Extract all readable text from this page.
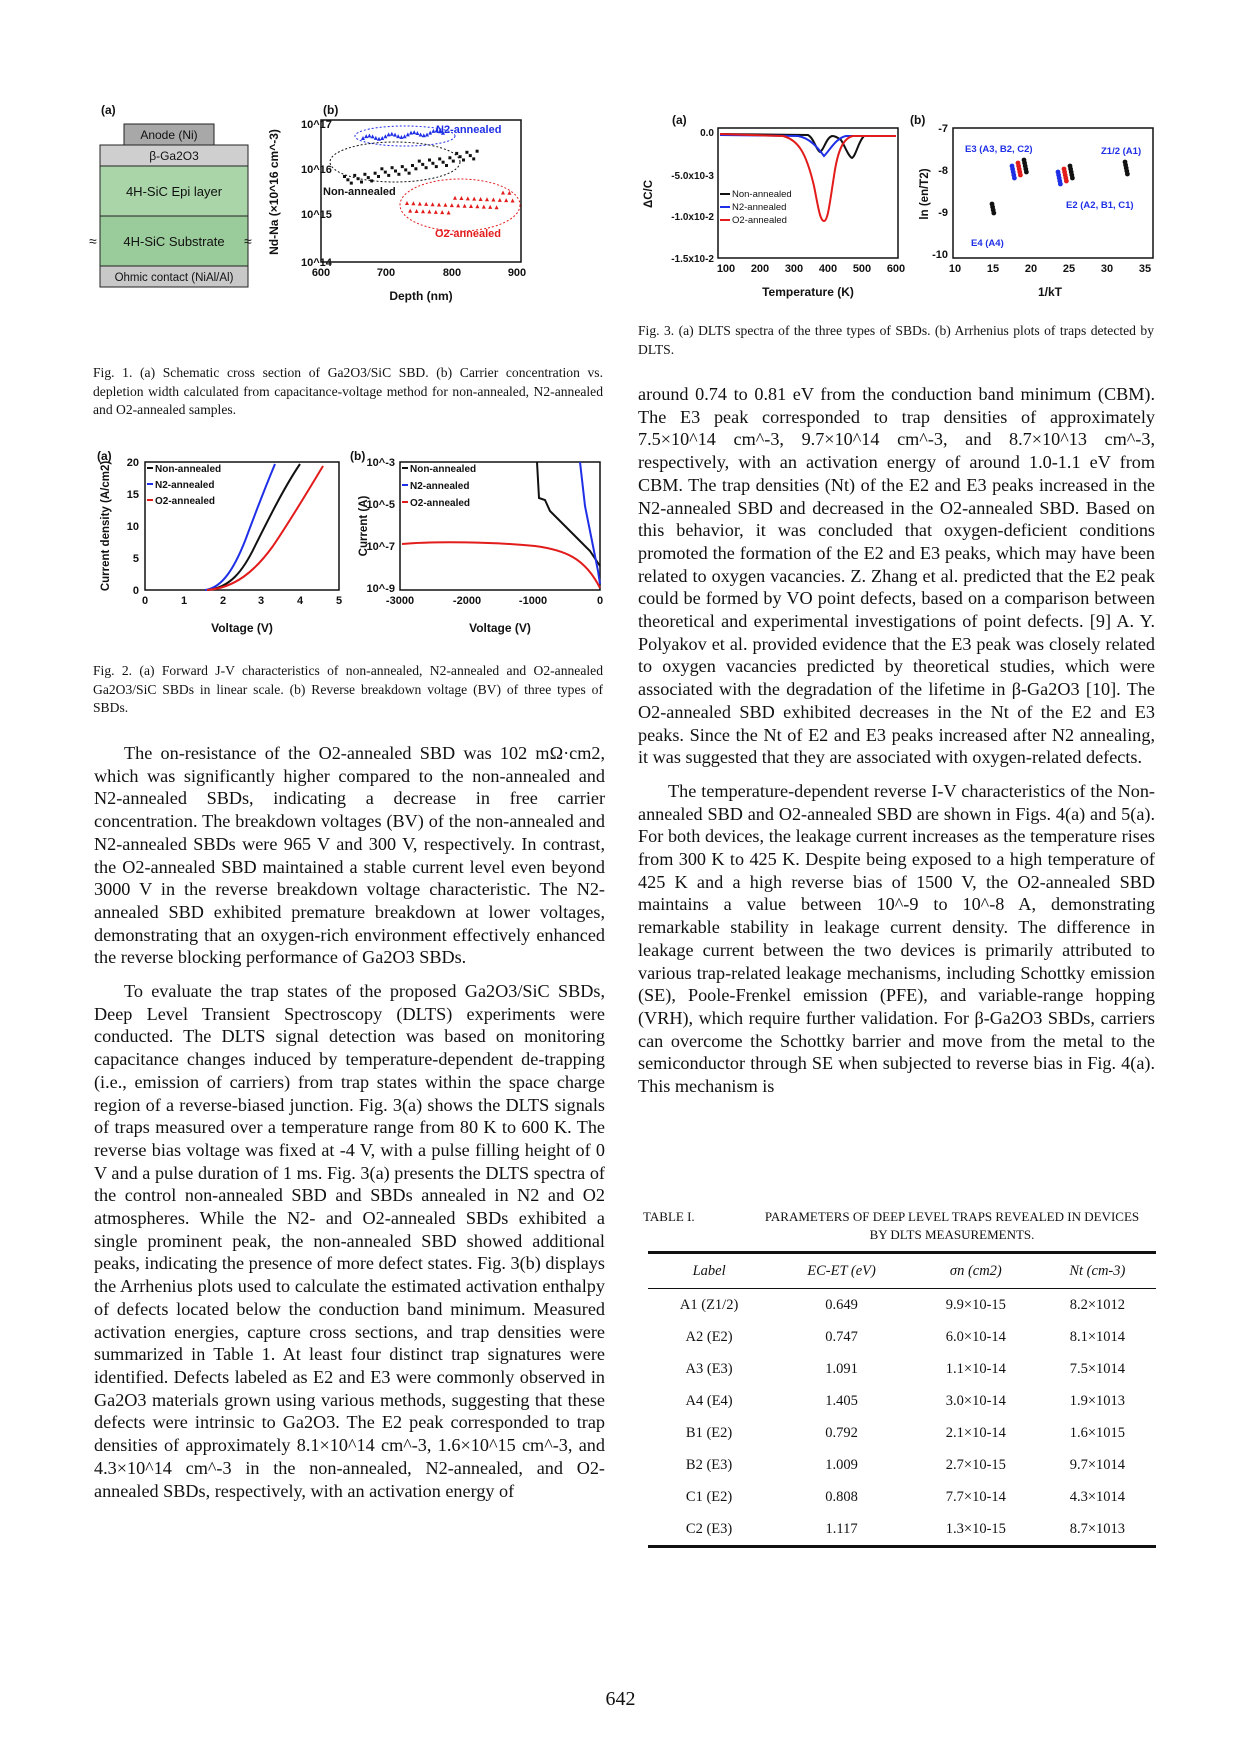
(a)
Anode (Ni)
β-Ga2O3
4H-SiC Epi layer
4H-SiC Substrate
≈	≈
Ohmic contact (NiAl/Al)
(b)
10^17
10^16
10^15
10^14
600	700	800	900
Depth (nm)
Nd-Na (×10^16 cm^-3)	N2-annealed
Non-annealed
O2-annealed
Fig. 1. (a) Schematic cross section of Ga2O3/SiC SBD. (b) Carrier concentration vs. depletion width calculated from capacitance-voltage method for non-annealed, N2-annealed and O2-annealed samples.
(a) 20
15
10
5
0
0	1	2	3	4	5
Voltage (V)
Current density (A/cm2)	Non-annealed
N2-annealed
O2-annealed
(b) 10^-3
10^-5
10^-7
10^-9
-3000	-2000	-1000	0
Voltage (V)
Current (A)
Non-annealed
N2-annealed
O2-annealed
Fig. 2. (a) Forward J-V characteristics of non-annealed, N2-annealed and O2-annealed Ga2O3/SiC SBDs in linear scale. (b) Reverse breakdown voltage (BV) of three types of SBDs.
(a)
0.0
-5.0x10-3
-1.0x10-2
-1.5x10-2
100 200 300 400 500 600
Temperature (K)
ΔC/C	Non-annealed
N2-annealed
O2-annealed
(b)
-7
-8
-9
-10
10 15 20 25 30 35
1/kT
ln (en/T2)
E3 (A3, B2, C2)	Z1/2 (A1)
E2 (A2, B1, C1)
E4 (A4)
Fig. 3. (a) DLTS spectra of the three types of SBDs. (b) Arrhenius plots of traps detected by DLTS.

The on-resistance of the O2-annealed SBD was 102 mΩ·cm2, which was significantly higher compared to the non-annealed and N2-annealed SBDs, indicating a decrease in free carrier concentration. The breakdown voltages (BV) of the non-annealed and N2-annealed SBDs were 965 V and 300 V, respectively. In contrast, the O2-annealed SBD maintained a stable current level even beyond 3000 V in the reverse breakdown voltage characteristic. The N2-annealed SBD exhibited premature breakdown at lower voltages, demonstrating that an oxygen-rich environment effectively enhanced the reverse blocking performance of Ga2O3 SBDs.

To evaluate the trap states of the proposed Ga2O3/SiC SBDs, Deep Level Transient Spectroscopy (DLTS) experiments were conducted. The DLTS signal detection was based on monitoring capacitance changes induced by temperature-dependent de-trapping (i.e., emission of carriers) from trap states within the space charge region of a reverse-biased junction. Fig. 3(a) shows the DLTS signals of traps measured over a temperature range from 80 K to 600 K. The reverse bias voltage was fixed at -4 V, with a pulse filling height of 0 V and a pulse duration of 1 ms. Fig. 3(a) presents the DLTS spectra of the control non-annealed SBD and SBDs annealed in N2 and O2 atmospheres. While the N2- and O2-annealed SBDs exhibited a single prominent peak, the non-annealed SBD showed additional peaks, indicating the presence of more defect states. Fig. 3(b) displays the Arrhenius plots used to calculate the estimated activation enthalpy of defects located below the conduction band minimum. Measured activation energies, capture cross sections, and trap densities were summarized in Table 1. At least four distinct trap signatures were identified. Defects labeled as E2 and E3 were commonly observed in Ga2O3 materials grown using various methods, suggesting that these defects were intrinsic to Ga2O3. The E2 peak corresponded to trap densities of approximately 8.1×10^14 cm^-3, 1.6×10^15 cm^-3, and 4.3×10^14 cm^-3 in the non-annealed, N2-annealed, and O2-annealed SBDs, respectively, with an activation energy of

around 0.74 to 0.81 eV from the conduction band minimum (CBM). The E3 peak corresponded to trap densities of approximately 7.5×10^14 cm^-3, 9.7×10^14 cm^-3, and 8.7×10^13 cm^-3, respectively, with an activation energy of around 1.0-1.1 eV from CBM. The trap densities (Nt) of the E2 and E3 peaks increased in the N2-annealed SBD and decreased in the O2-annealed SBD. Based on this behavior, it was concluded that oxygen-deficient conditions promoted the formation of the E2 and E3 peaks, which may have been related to oxygen vacancies. Z. Zhang et al. predicted that the E2 peak could be formed by VO point defects, based on a comparison between theoretical and experimental investigations of point defects. [9] A. Y. Polyakov et al. provided evidence that the E3 peak was closely related to oxygen vacancies predicted by theoretical studies, which were associated with the degradation of the lifetime in β-Ga2O3 [10]. The O2-annealed SBD exhibited decreases in the Nt of the E2 and E3 peaks. Since the Nt of E2 and E3 peaks increased after N2 annealing, it was suggested that they are associated with oxygen-related defects.

The temperature-dependent reverse I-V characteristics of the Non-annealed SBD and O2-annealed SBD are shown in Figs. 4(a) and 5(a). For both devices, the leakage current increases as the temperature rises from 300 K to 425 K. Despite being exposed to a high temperature of 425 K and a high reverse bias of 1500 V, the O2-annealed SBD maintains a value between 10^-9 to 10^-8 A, demonstrating remarkable stability in leakage current density. The difference in leakage current between the two devices is primarily attributed to various trap-related leakage mechanisms, including Schottky emission (SE), Poole-Frenkel emission (PFE), and variable-range hopping (VRH), which require further validation. For β-Ga2O3 SBDs, carriers can overcome the Schottky barrier and move from the metal to the semiconductor through SE when subjected to reverse bias in Fig. 4(a). This mechanism is

TABLE I.	PARAMETERS OF DEEP LEVEL TRAPS REVEALED IN DEVICES
BY DLTS MEASUREMENTS.
Label	EC-ET (eV)	σn (cm2)	Nt (cm-3)
A1 (Z1/2)	0.649	9.9×10-15	8.2×1012
A2 (E2)	0.747	6.0×10-14	8.1×1014
A3 (E3)	1.091	1.1×10-14	7.5×1014
A4 (E4)	1.405	3.0×10-14	1.9×1013
B1 (E2)	0.792	2.1×10-14	1.6×1015
B2 (E3)	1.009	2.7×10-15	9.7×1014
C1 (E2)	0.808	7.7×10-14	4.3×1014
C2 (E3)	1.117	1.3×10-15	8.7×1013
642
